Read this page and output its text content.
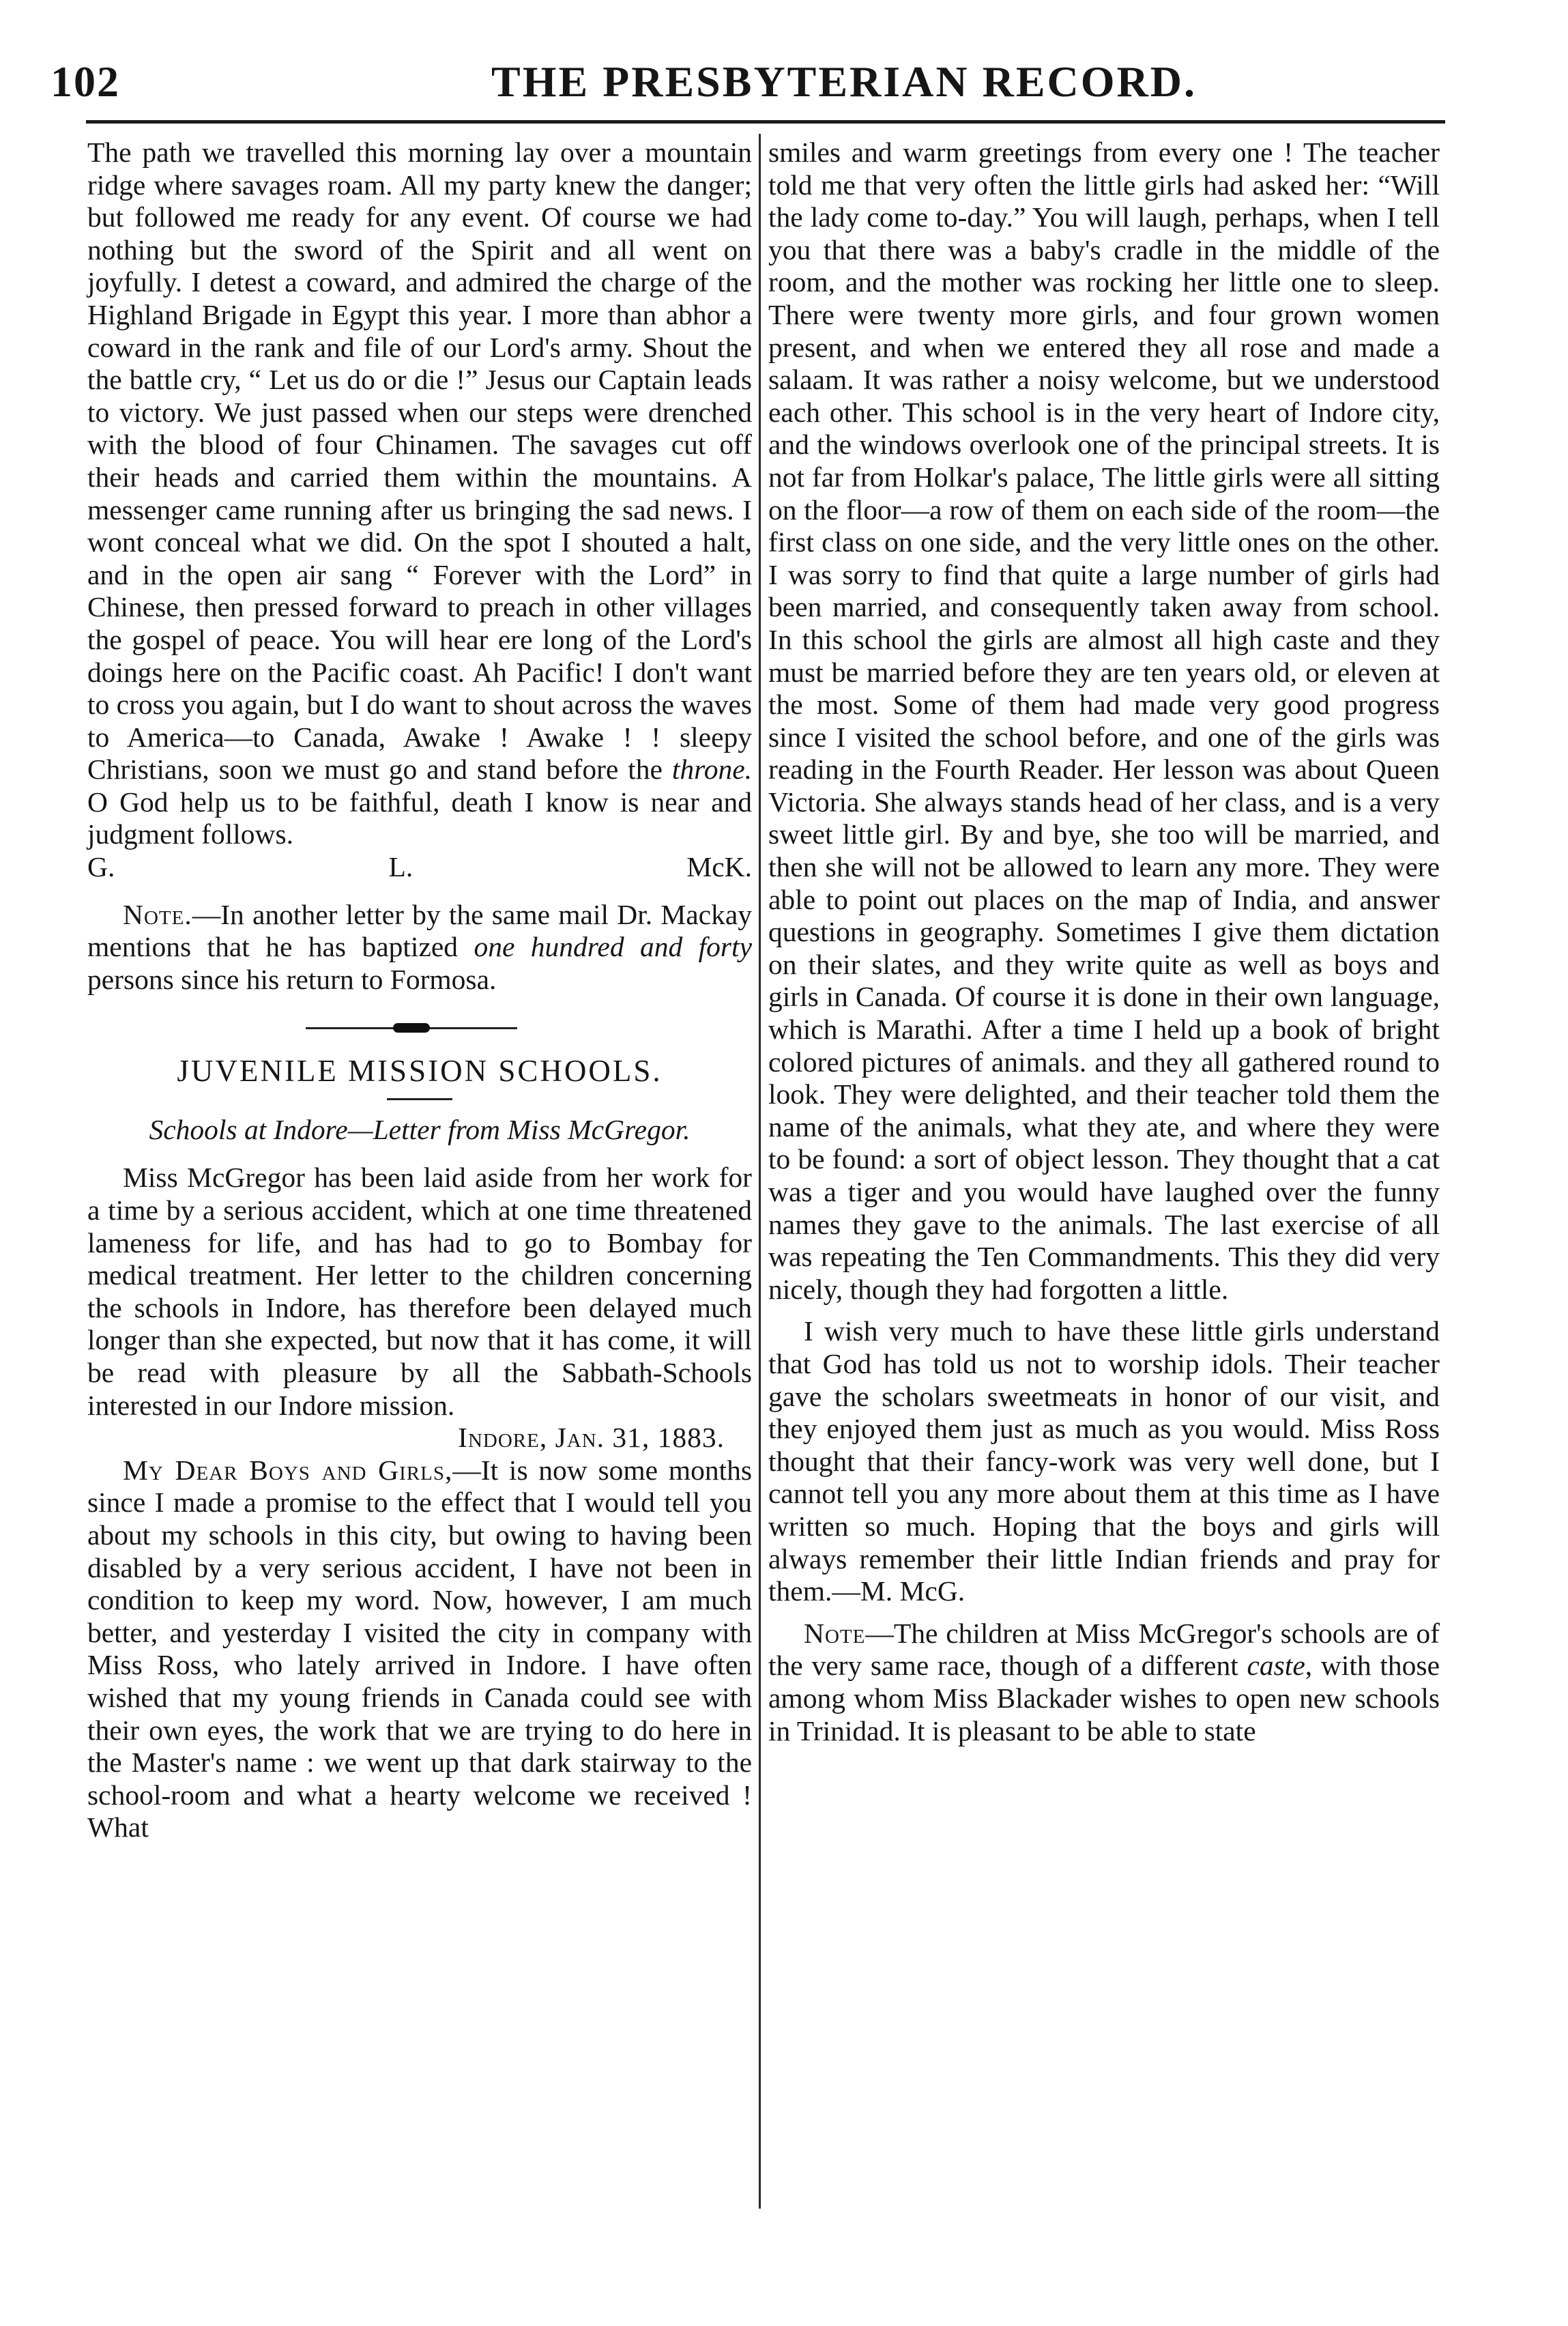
102	THE PRESBYTERIAN RECORD.

The path we travelled this morning lay over a mountain ridge where savages roam. All my party knew the danger; but followed me ready for any event. Of course we had nothing but the sword of the Spirit and all went on joyfully. I detest a coward, and admired the charge of the Highland Brigade in Egypt this year. I more than abhor a coward in the rank and file of our Lord's army. Shout the the battle cry, “ Let us do or die !” Jesus our Captain leads to victory. We just passed when our steps were drenched with the blood of four Chinamen. The savages cut off their heads and carried them within the mountains. A messenger came running after us bringing the sad news. I wont conceal what we did. On the spot I shouted a halt, and in the open air sang “ Forever with the Lord” in Chinese, then pressed forward to preach in other villages the gospel of peace. You will hear ere long of the Lord's doings here on the Pacific coast. Ah Pacific! I don't want to cross you again, but I do want to shout across the waves to America—to Canada, Awake ! Awake ! ! sleepy Christians, soon we must go and stand before the throne. O God help us to be faithful, death I know is near and judgment follows.

G. L. McK.

Note.—In another letter by the same mail Dr. Mackay mentions that he has baptized one hundred and forty persons since his return to Formosa.

JUVENILE MISSION SCHOOLS.
Schools at Indore—Letter from Miss McGregor.

Miss McGregor has been laid aside from her work for a time by a serious accident, which at one time threatened lameness for life, and has had to go to Bombay for medical treatment. Her letter to the children concerning the schools in Indore, has therefore been delayed much longer than she expected, but now that it has come, it will be read with pleasure by all the Sabbath-Schools interested in our Indore mission.

Indore, Jan. 31, 1883.

My Dear Boys and Girls,—It is now some months since I made a promise to the effect that I would tell you about my schools in this city, but owing to having been disabled by a very serious accident, I have not been in condition to keep my word. Now, however, I am much better, and yesterday I visited the city in company with Miss Ross, who lately arrived in Indore. I have often wished that my young friends in Canada could see with their own eyes, the work that we are trying to do here in the Master's name : we went up that dark stairway to the school-room and what a hearty welcome we received ! What

smiles and warm greetings from every one ! The teacher told me that very often the little girls had asked her: “Will the lady come to-day.” You will laugh, perhaps, when I tell you that there was a baby's cradle in the middle of the room, and the mother was rocking her little one to sleep. There were twenty more girls, and four grown women present, and when we entered they all rose and made a salaam. It was rather a noisy welcome, but we understood each other. This school is in the very heart of Indore city, and the windows overlook one of the principal streets. It is not far from Holkar's palace, The little girls were all sitting on the floor—a row of them on each side of the room—the first class on one side, and the very little ones on the other. I was sorry to find that quite a large number of girls had been married, and consequently taken away from school. In this school the girls are almost all high caste and they must be married before they are ten years old, or eleven at the most. Some of them had made very good progress since I visited the school before, and one of the girls was reading in the Fourth Reader. Her lesson was about Queen Victoria. She always stands head of her class, and is a very sweet little girl. By and bye, she too will be married, and then she will not be allowed to learn any more. They were able to point out places on the map of India, and answer questions in geography. Sometimes I give them dictation on their slates, and they write quite as well as boys and girls in Canada. Of course it is done in their own language, which is Marathi. After a time I held up a book of bright colored pictures of animals. and they all gathered round to look. They were delighted, and their teacher told them the name of the animals, what they ate, and where they were to be found: a sort of object lesson. They thought that a cat was a tiger and you would have laughed over the funny names they gave to the animals. The last exercise of all was repeating the Ten Commandments. This they did very nicely, though they had forgotten a little.

I wish very much to have these little girls understand that God has told us not to worship idols. Their teacher gave the scholars sweetmeats in honor of our visit, and they enjoyed them just as much as you would. Miss Ross thought that their fancy-work was very well done, but I cannot tell you any more about them at this time as I have written so much. Hoping that the boys and girls will always remember their little Indian friends and pray for them.—M. McG.

Note—The children at Miss McGregor's schools are of the very same race, though of a different caste, with those among whom Miss Blackader wishes to open new schools in Trinidad. It is pleasant to be able to state
